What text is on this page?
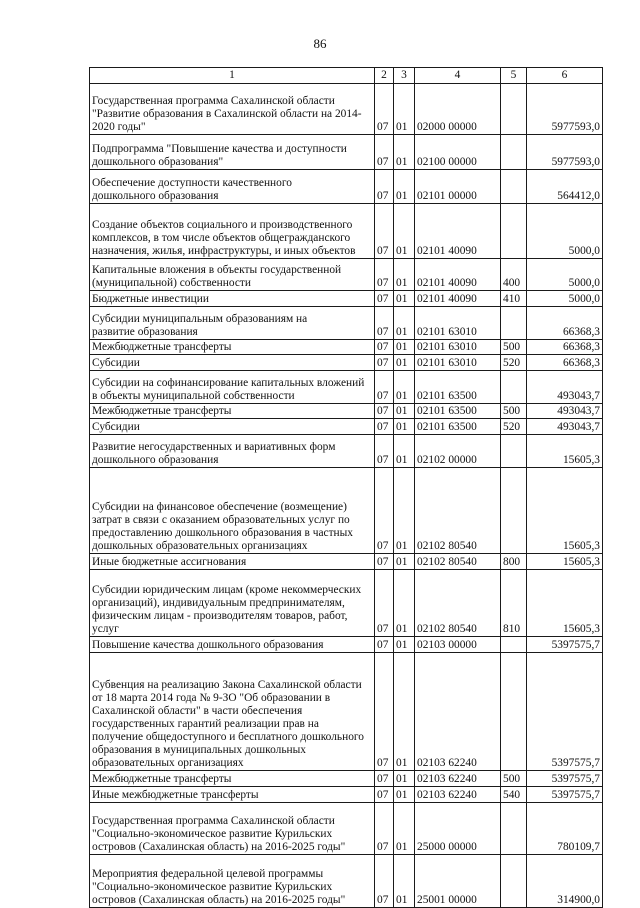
86
1	2	3	4	5	6

Государственная программа Сахалинской области "Развитие образования в Сахалинской области на 2014-2020 годы"	07	01	02000 00000		5977593,0

Подпрограмма "Повышение качества и доступности дошкольного образования"	07	01	02100 00000		5977593,0

Обеспечение доступности качественного дошкольного образования	07	01	02101 00000		564412,0

Создание объектов социального и производственного комплексов, в том числе объектов общегражданского назначения, жилья, инфраструктуры, и иных объектов	07	01	02101 40090		5000,0

Капитальные вложения в объекты государственной (муниципальной) собственности	07	01	02101 40090	400	5000,0

Бюджетные инвестиции	07	01	02101 40090	410	5000,0

Субсидии муниципальным образованиям на развитие образования	07	01	02101 63010		66368,3

Межбюджетные трансферты	07	01	02101 63010	500	66368,3

Субсидии	07	01	02101 63010	520	66368,3

Субсидии на софинансирование капитальных вложений в объекты муниципальной собственности	07	01	02101 63500		493043,7

Межбюджетные трансферты	07	01	02101 63500	500	493043,7

Субсидии	07	01	02101 63500	520	493043,7

Развитие негосударственных и вариативных форм дошкольного образования	07	01	02102 00000		15605,3

Субсидии на финансовое обеспечение (возмещение) затрат в связи с оказанием образовательных услуг по предоставлению дошкольного образования в частных дошкольных образовательных организациях	07	01	02102 80540		15605,3

Иные бюджетные ассигнования	07	01	02102 80540	800	15605,3

Субсидии юридическим лицам (кроме некоммерческих организаций), индивидуальным предпринимателям, физическим лицам - производителям товаров, работ, услуг	07	01	02102 80540	810	15605,3

Повышение качества дошкольного образования	07	01	02103 00000		5397575,7

Субвенция на реализацию Закона Сахалинской области от 18 марта 2014 года № 9-ЗО "Об образовании в Сахалинской области" в части обеспечения государственных гарантий реализации прав на получение общедоступного и бесплатного дошкольного образования в муниципальных дошкольных образовательных организациях	07	01	02103 62240		5397575,7

Межбюджетные трансферты	07	01	02103 62240	500	5397575,7

Иные межбюджетные трансферты	07	01	02103 62240	540	5397575,7

Государственная программа Сахалинской области "Социально-экономическое развитие Курильских островов (Сахалинская область) на 2016-2025 годы"	07	01	25000 00000		780109,7

Мероприятия федеральной целевой программы "Социально-экономическое развитие Курильских островов (Сахалинская область) на 2016-2025 годы"	07	01	25001 00000		314900,0
